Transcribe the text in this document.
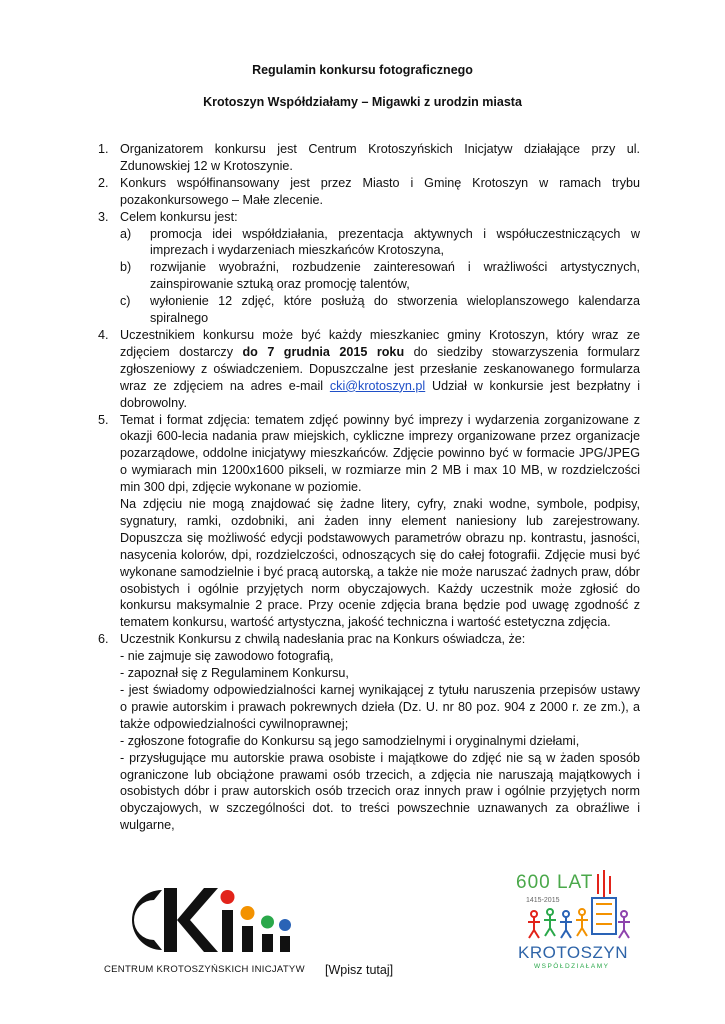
Regulamin konkursu fotograficznego
Krotoszyn Współdziałamy – Migawki z urodzin miasta
1. Organizatorem konkursu jest Centrum Krotoszyńskich Inicjatyw działające przy ul. Zdunowskiej 12 w Krotoszynie.
2. Konkurs współfinansowany jest przez Miasto i Gminę Krotoszyn w ramach trybu pozakonkursowego – Małe zlecenie.
3. Celem konkursu jest:
a) promocja idei współdziałania, prezentacja aktywnych i współuczestniczących w imprezach i wydarzeniach mieszkańców Krotoszyna,
b) rozwijanie wyobraźni, rozbudzenie zainteresowań i wrażliwości artystycznych, zainspirowanie sztuką oraz promocję talentów,
c) wyłonienie 12 zdjęć, które posłużą do stworzenia wieloplanszowego kalendarza spiralnego
4. Uczestnikiem konkursu może być każdy mieszkaniec gminy Krotoszyn, który wraz ze zdjęciem dostarczy do 7 grudnia 2015 roku do siedziby stowarzyszenia formularz zgłoszeniowy z oświadczeniem. Dopuszczalne jest przesłanie zeskanowanego formularza wraz ze zdjęciem na adres e-mail cki@krotoszyn.pl Udział w konkursie jest bezpłatny i dobrowolny.
5. Temat i format zdjęcia: tematem zdjęć powinny być imprezy i wydarzenia zorganizowane z okazji 600-lecia nadania praw miejskich, cykliczne imprezy organizowane przez organizacje pozarządowe, oddolne inicjatywy mieszkańców. Zdjęcie powinno być w formacie JPG/JPEG o wymiarach min 1200x1600 pikseli, w rozmiarze min 2 MB i max 10 MB, w rozdzielczości min 300 dpi, zdjęcie wykonane w poziomie.
Na zdjęciu nie mogą znajdować się żadne litery, cyfry, znaki wodne, symbole, podpisy, sygnatury, ramki, ozdobniki, ani żaden inny element naniesiony lub zarejestrowany. Dopuszcza się możliwość edycji podstawowych parametrów obrazu np. kontrastu, jasności, nasycenia kolorów, dpi, rozdzielczości, odnoszących się do całej fotografii. Zdjęcie musi być wykonane samodzielnie i być pracą autorską, a także nie może naruszać żadnych praw, dóbr osobistych i ogólnie przyjętych norm obyczajowych. Każdy uczestnik może zgłosić do konkursu maksymalnie 2 prace. Przy ocenie zdjęcia brana będzie pod uwagę zgodność z tematem konkursu, wartość artystyczna, jakość techniczna i wartość estetyczna zdjęcia.
6. Uczestnik Konkursu z chwilą nadesłania prac na Konkurs oświadcza, że:
- nie zajmuje się zawodowo fotografią,
- zapoznał się z Regulaminem Konkursu,
- jest świadomy odpowiedzialności karnej wynikającej z tytułu naruszenia przepisów ustawy o prawie autorskim i prawach pokrewnych dzieła (Dz. U. nr 80 poz. 904 z 2000 r. ze zm.), a także odpowiedzialności cywilnoprawnej;
- zgłoszone fotografie do Konkursu są jego samodzielnymi i oryginalnymi dziełami,
- przysługujące mu autorskie prawa osobiste i majątkowe do zdjęć nie są w żaden sposób ograniczone lub obciążone prawami osób trzecich, a zdjęcia nie naruszają majątkowych i osobistych dóbr i praw autorskich osób trzecich oraz innych praw i ogólnie przyjętych norm obyczajowych, w szczególności dot. to treści powszechnie uznawanych za obraźliwe i wulgarne,
CENTRUM KROTOSZYŃSKICH INICJATYW [Wpisz tutaj]
600 LAT
1415-2015
KROTOSZYN
WSPÓŁDZIAŁAMY
